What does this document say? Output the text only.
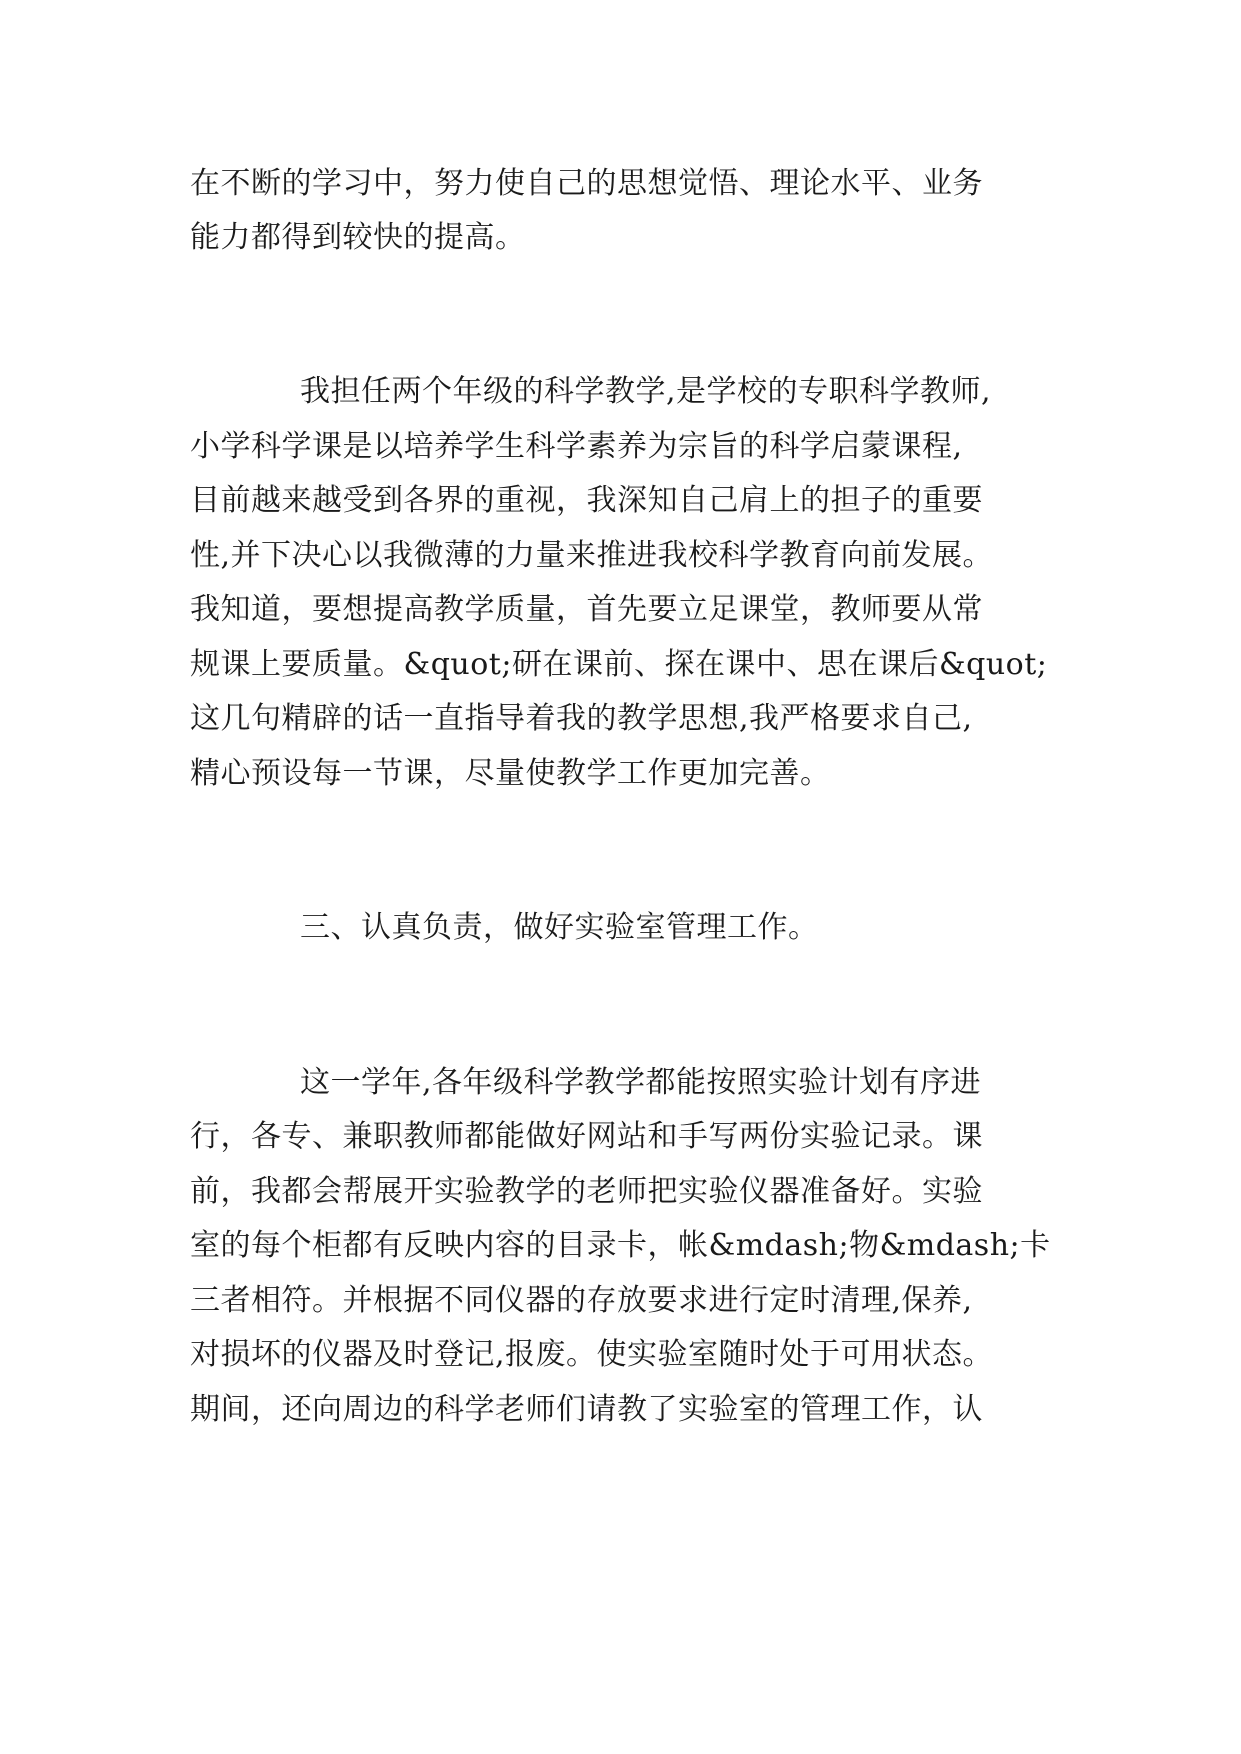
在不断的学习中，努力使自己的思想觉悟、理论水平、业务
能力都得到较快的提高。
我担任两个年级的科学教学,是学校的专职科学教师,
小学科学课是以培养学生科学素养为宗旨的科学启蒙课程,
目前越来越受到各界的重视，我深知自己肩上的担子的重要
性,并下决心以我微薄的力量来推进我校科学教育向前发展。
我知道，要想提高教学质量，首先要立足课堂，教师要从常
规课上要质量。&quot;研在课前、探在课中、思在课后&quot;
这几句精辟的话一直指导着我的教学思想,我严格要求自己,
精心预设每一节课，尽量使教学工作更加完善。
三、认真负责，做好实验室管理工作。
这一学年,各年级科学教学都能按照实验计划有序进
行，各专、兼职教师都能做好网站和手写两份实验记录。课
前，我都会帮展开实验教学的老师把实验仪器准备好。实验
室的每个柜都有反映内容的目录卡，帐&mdash;物&mdash;卡
三者相符。并根据不同仪器的存放要求进行定时清理,保养,
对损坏的仪器及时登记,报废。使实验室随时处于可用状态。
期间，还向周边的科学老师们请教了实验室的管理工作，认
